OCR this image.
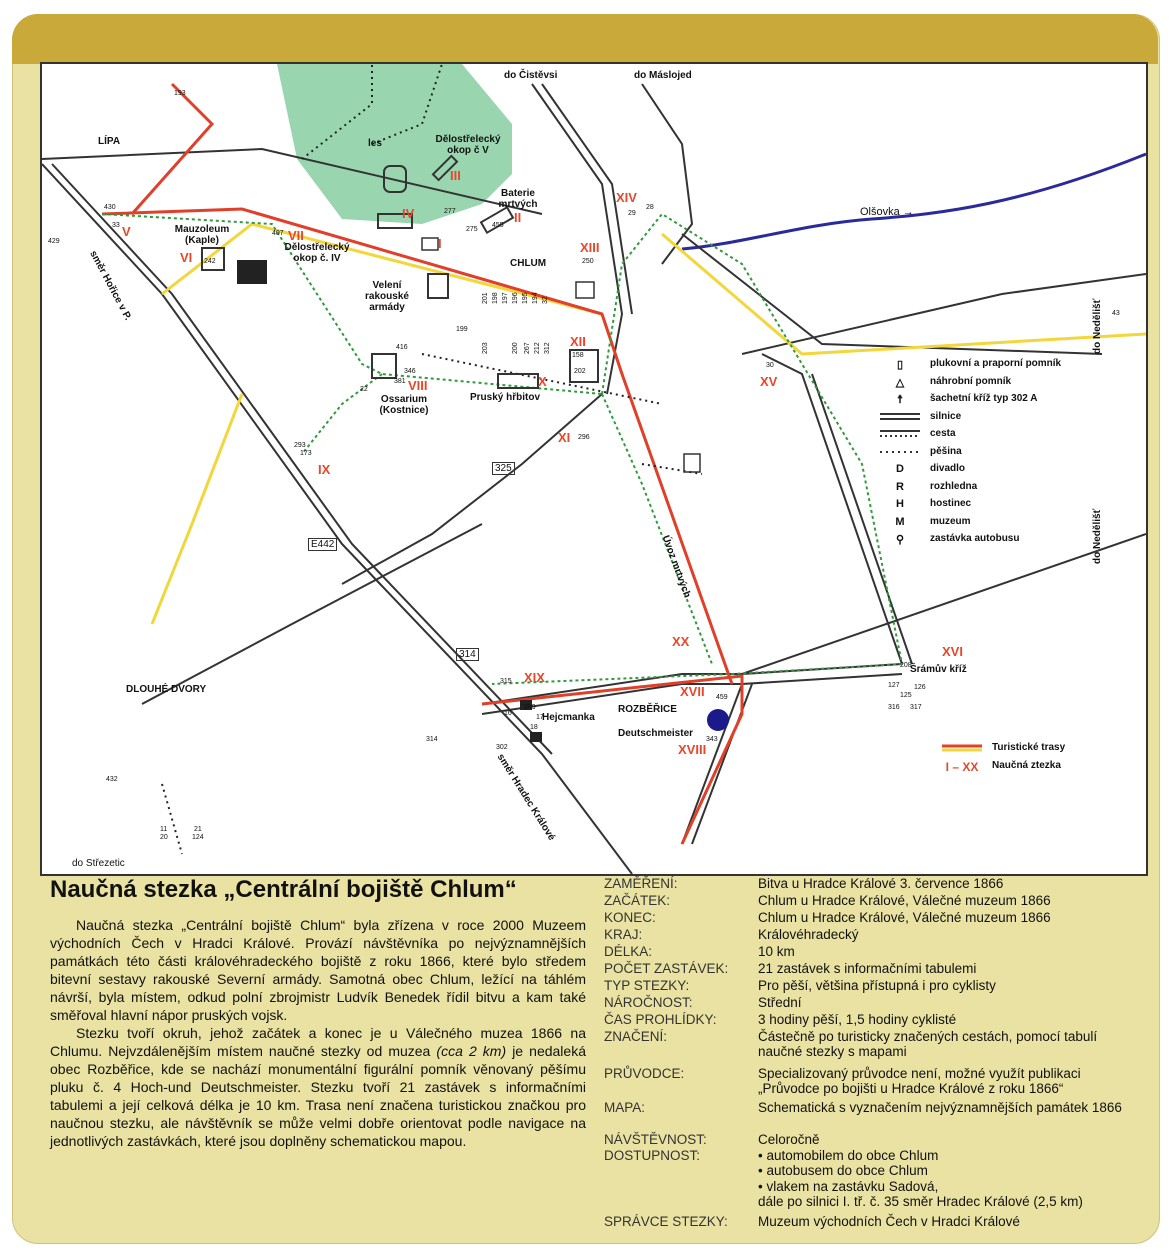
do Čistěvsi	do Máslojed
do Nedělišť
do Nedělišť
směr Hořice v P.
směr Hradec Králové
do Střezetic
LÍPA	les
CHLUM
DLOUHÉ DVORY
ROZBĚŘICE
Olšovka →
Dělostřelecký okop č V
Baterie mrtvých
Mauzoleum (Kaple)
Dělostřelecký okop č. IV
Velení rakouské armády
Ossarium (Kostnice)
Pruský hřbitov
Úvoz mrtvých
Hejcmanka
Deutschmeister
Šrámův kříž
325
E442
314
I
II
III
IV
V
VI
VII
VIII
IX
X
XI
XII
XIII
XIV
XV
XVI
XVII
XVIII
XIX
XX
193
430
33
429
242
407
277
275
455
29
28
250
43
30
416
381
346
22
199
158
202
296
293
173
315
289
17
18
16
459
343
208
127
125
126
316 317
314
302
432
11
20
21
124
201
203
198 197 196 195 194 32
200 267 212 312
▯	plukovní a praporní pomník
△	náhrobní pomník
☨	šachetní kříž typ 302 A
silnice
cesta
pěšina
D	divadlo
R	rozhledna
H	hostinec
M	muzeum
⚲	zastávka autobusu
Turistické trasy
I – XX	Naučná ztezka
Naučná stezka „Centrální bojiště Chlum“

Naučná stezka „Centrální bojiště Chlum“ byla zřízena v roce 2000 Muzeem východních Čech v Hradci Králové. Provází návštěvníka po nejvýznamnějších památkách této části královéhradeckého bojiště z roku 1866, které bylo středem bitevní sestavy rakouské Severní armády. Samotná obec Chlum, ležící na táhlém návrší, byla místem, odkud polní zbrojmistr Ludvík Benedek řídil bitvu a kam také směřoval hlavní nápor pruských vojsk.

Stezku tvoří okruh, jehož začátek a konec je u Válečného muzea 1866 na Chlumu. Nejvzdálenějším místem naučné stezky od muzea (cca 2 km) je nedaleká obec Rozběřice, kde se nachází monumentální figurální pomník věnovaný pěšímu pluku č. 4 Hoch-und Deutschmeister. Stezku tvoří 21 zastávek s informačními tabulemi a její celková délka je 10 km. Trasa není značena turistickou značkou pro naučnou stezku, ale návštěvník se může velmi dobře orientovat podle navigace na jednotlivých zastávkách, které jsou doplněny schematickou mapou.

ZAMĚŘENÍ:	Bitva u Hradce Králové 3. července 1866
ZAČÁTEK:	Chlum u Hradce Králové, Válečné muzeum 1866
KONEC:	Chlum u Hradce Králové, Válečné muzeum 1866
KRAJ:	Královéhradecký
DÉLKA:	10 km
POČET ZASTÁVEK:	21 zastávek s informačními tabulemi
TYP STEZKY:	Pro pěší, většina přístupná i pro cyklisty
NÁROČNOST:	Střední
ČAS PROHLÍDKY:	3 hodiny pěší, 1,5 hodiny cyklisté
ZNAČENÍ:	Částečně po turisticky značených cestách, pomocí tabulí naučné stezky s mapami
PRŮVODCE:	Specializovaný průvodce není, možné využít publikaci „Průvodce po bojišti u Hradce Králové z roku 1866“
MAPA:	Schematická s vyznačením nejvýznamnějších památek 1866
NÁVŠTĚVNOST:	Celoročně
DOSTUPNOST:	• automobilem do obce Chlum
• autobusem do obce Chlum
• vlakem na zastávku Sadová,
dále po silnici I. tř. č. 35 směr Hradec Králové (2,5 km)
SPRÁVCE STEZKY:	Muzeum východních Čech v Hradci Králové
